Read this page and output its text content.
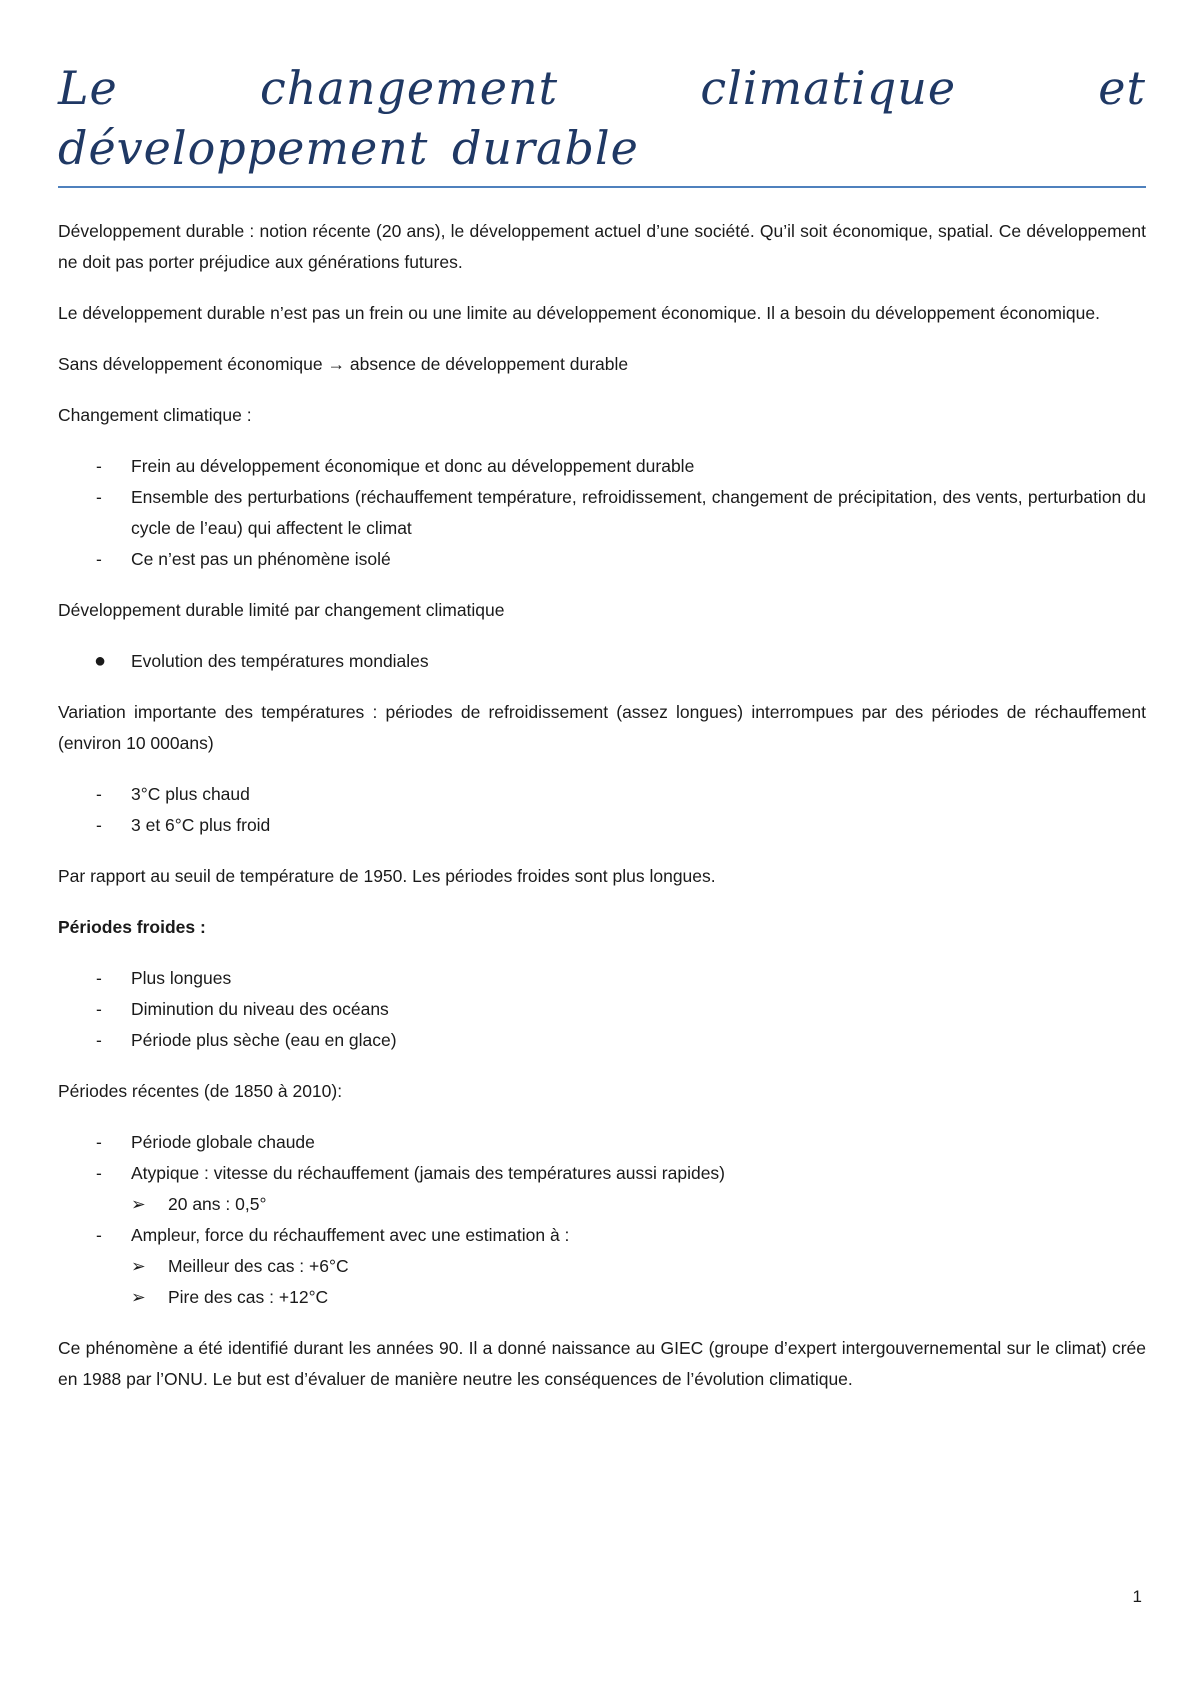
Le changement climatique et développement durable

Développement durable : notion récente (20 ans), le développement actuel d’une société. Qu’il soit économique, spatial. Ce développement ne doit pas porter préjudice aux générations futures.

Le développement durable n’est pas un frein ou une limite au développement économique. Il a besoin du développement économique.

Sans développement économique → absence de développement durable

Changement climatique :

- Frein au développement économique et donc au développement durable
- Ensemble des perturbations (réchauffement température, refroidissement, changement de précipitation, des vents, perturbation du cycle de l’eau) qui affectent le climat
- Ce n’est pas un phénomène isolé

Développement durable limité par changement climatique

● Evolution des températures mondiales

Variation importante des températures : périodes de refroidissement (assez longues) interrompues par des périodes de réchauffement (environ 10 000ans)

- 3°C plus chaud
- 3 et 6°C plus froid

Par rapport au seuil de température de 1950. Les périodes froides sont plus longues.

Périodes froides :

- Plus longues
- Diminution du niveau des océans
- Période plus sèche (eau en glace)

Périodes récentes (de 1850 à 2010):

- Période globale chaude
- Atypique : vitesse du réchauffement (jamais des températures aussi rapides)
➢ 20 ans : 0,5°
- Ampleur, force du réchauffement avec une estimation à :
➢ Meilleur des cas : +6°C
➢ Pire des cas : +12°C

Ce phénomène a été identifié durant les années 90. Il a donné naissance au GIEC (groupe d’expert intergouvernemental sur le climat) crée en 1988 par l’ONU. Le but est d’évaluer de manière neutre les conséquences de l’évolution climatique.

1
